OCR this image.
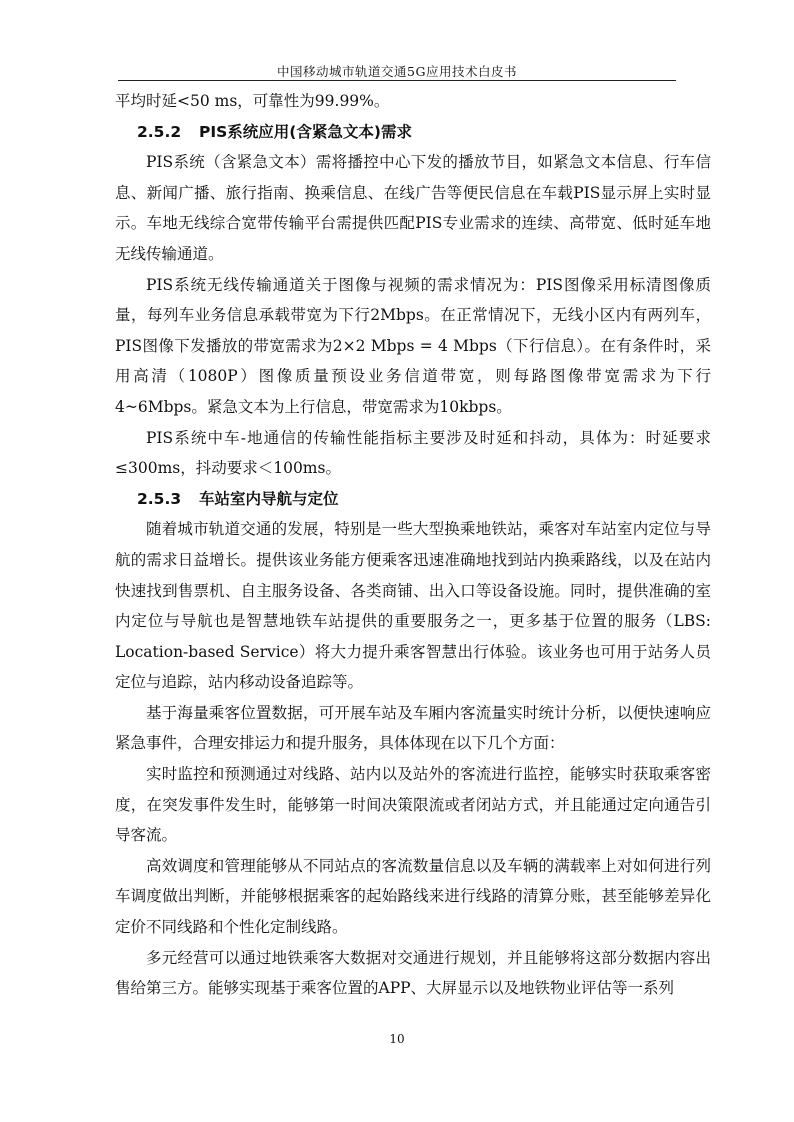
中国移动城市轨道交通5G应用技术白皮书

平均时延<50 ms，可靠性为99.99%。

2.5.2 PIS系统应用(含紧急文本)需求

PIS系统（含紧急文本）需将播控中心下发的播放节目，如紧急文本信息、行车信息、新闻广播、旅行指南、换乘信息、在线广告等便民信息在车载PIS显示屏上实时显示。车地无线综合宽带传输平台需提供匹配PIS专业需求的连续、高带宽、低时延车地无线传输通道。

PIS系统无线传输通道关于图像与视频的需求情况为：PIS图像采用标清图像质量，每列车业务信息承载带宽为下行2Mbps。在正常情况下，无线小区内有两列车，PIS图像下发播放的带宽需求为2×2 Mbps = 4 Mbps（下行信息）。在有条件时，采用高清（1080P）图像质量预设业务信道带宽，则每路图像带宽需求为下行4~6Mbps。紧急文本为上行信息，带宽需求为10kbps。

PIS系统中车-地通信的传输性能指标主要涉及时延和抖动，具体为：时延要求≤300ms，抖动要求＜100ms。

2.5.3 车站室内导航与定位

随着城市轨道交通的发展，特别是一些大型换乘地铁站，乘客对车站室内定位与导航的需求日益增长。提供该业务能方便乘客迅速准确地找到站内换乘路线，以及在站内快速找到售票机、自主服务设备、各类商铺、出入口等设备设施。同时，提供准确的室内定位与导航也是智慧地铁车站提供的重要服务之一，更多基于位置的服务（LBS: Location-based Service）将大力提升乘客智慧出行体验。该业务也可用于站务人员定位与追踪，站内移动设备追踪等。

基于海量乘客位置数据，可开展车站及车厢内客流量实时统计分析，以便快速响应紧急事件，合理安排运力和提升服务，具体体现在以下几个方面：

实时监控和预测通过对线路、站内以及站外的客流进行监控，能够实时获取乘客密度，在突发事件发生时，能够第一时间决策限流或者闭站方式，并且能通过定向通告引导客流。

高效调度和管理能够从不同站点的客流数量信息以及车辆的满载率上对如何进行列车调度做出判断，并能够根据乘客的起始路线来进行线路的清算分账，甚至能够差异化定价不同线路和个性化定制线路。

多元经营可以通过地铁乘客大数据对交通进行规划，并且能够将这部分数据内容出售给第三方。能够实现基于乘客位置的APP、大屏显示以及地铁物业评估等一系列

10
